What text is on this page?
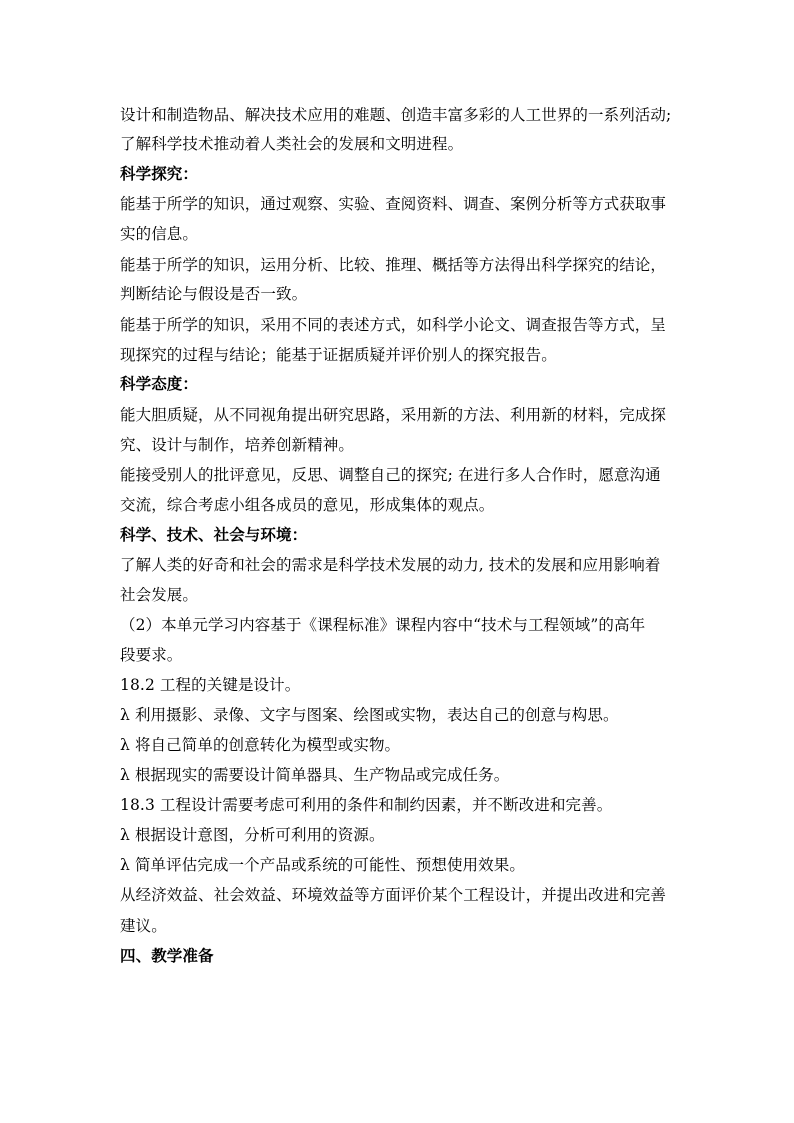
设计和制造物品、解决技术应用的难题、创造丰富多彩的人工世界的一系列活动;
了解科学技术推动着人类社会的发展和文明进程。
科学探究：
能基于所学的知识，通过观察、实验、查阅资料、调查、案例分析等方式获取事
实的信息。
能基于所学的知识，运用分析、比较、推理、概括等方法得出科学探究的结论，
判断结论与假设是否一致。
能基于所学的知识，采用不同的表述方式，如科学小论文、调查报告等方式，呈
现探究的过程与结论；能基于证据质疑并评价别人的探究报告。
科学态度：
能大胆质疑，从不同视角提出研究思路，采用新的方法、利用新的材料，完成探
究、设计与制作，培养创新精神。
能接受别人的批评意见，反思、调整自己的探究; 在进行多人合作时，愿意沟通
交流，综合考虑小组各成员的意见，形成集体的观点。
科学、技术、社会与环境：
了解人类的好奇和社会的需求是科学技术发展的动力, 技术的发展和应用影响着
社会发展。
（2）本单元学习内容基于《课程标准》课程内容中“技术与工程领域”的高年
段要求。
18.2 工程的关键是设计。
λ 利用摄影、录像、文字与图案、绘图或实物，表达自己的创意与构思。
λ 将自己简单的创意转化为模型或实物。
λ 根据现实的需要设计简单器具、生产物品或完成任务。
18.3 工程设计需要考虑可利用的条件和制约因素，并不断改进和完善。
λ 根据设计意图，分析可利用的资源。
λ 简单评估完成一个产品或系统的可能性、预想使用效果。
从经济效益、社会效益、环境效益等方面评价某个工程设计，并提出改进和完善
建议。
四、教学准备
